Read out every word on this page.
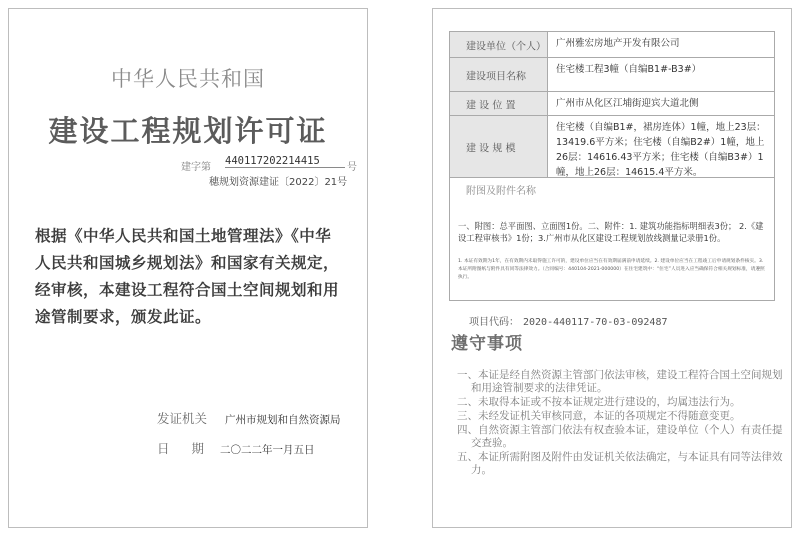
中华人民共和国
建设工程规划许可证
建字第
440117202214415
号
穗规划资源建证〔2022〕21号
根据《中华人民共和国土地管理法》《中华人民共和国城乡规划法》和国家有关规定，经审核，本建设工程符合国土空间规划和用途管制要求，颁发此证。
发证机关 广州市规划和自然资源局
日 期 二〇二二年一月五日
建设单位（个人） 广州雅宏房地产开发有限公司
建设项目名称
住宅楼工程3幢（自编B1#-B3#）
建 设 位 置	广州市从化区江埔街迎宾大道北侧
建 设 规 模
住宅楼（自编B1#，裙房连体）1幢，地上23层：13419.6平方米；住宅楼（自编B2#）1幢，地上26层：14616.43平方米；住宅楼（自编B3#）1幢，地上26层：14615.4平方米。
附图及附件名称
一、附图：总平面图、立面图1份。二、附件：1. 建筑功能指标明细表3份； 2.《建设工程审核书》1份；3.广州市从化区建设工程规划放线测量记录册1份。
1. 本证有效期为1年，在有效期内未取得施工许可的，建设单位应当在有效期届满前申请延续。2. 建设单位应当在工程竣工后申请规划条件核实。3. 本证所附图纸与附件具有同等法律效力。（合同编号：440104-2021-000000）在住宅建筑中：“住宅”人员进入应当确保符合相关规划标准，请遵照执行。
项目代码： 2020-440117-70-03-092487
遵守事项
一、本证是经自然资源主管部门依法审核，建设工程符合国土空间规划和用途管制要求的法律凭证。
二、未取得本证或不按本证规定进行建设的，均属违法行为。
三、未经发证机关审核同意，本证的各项规定不得随意变更。
四、自然资源主管部门依法有权查验本证，建设单位（个人）有责任提交查验。
五、本证所需附图及附件由发证机关依法确定，与本证具有同等法律效力。
